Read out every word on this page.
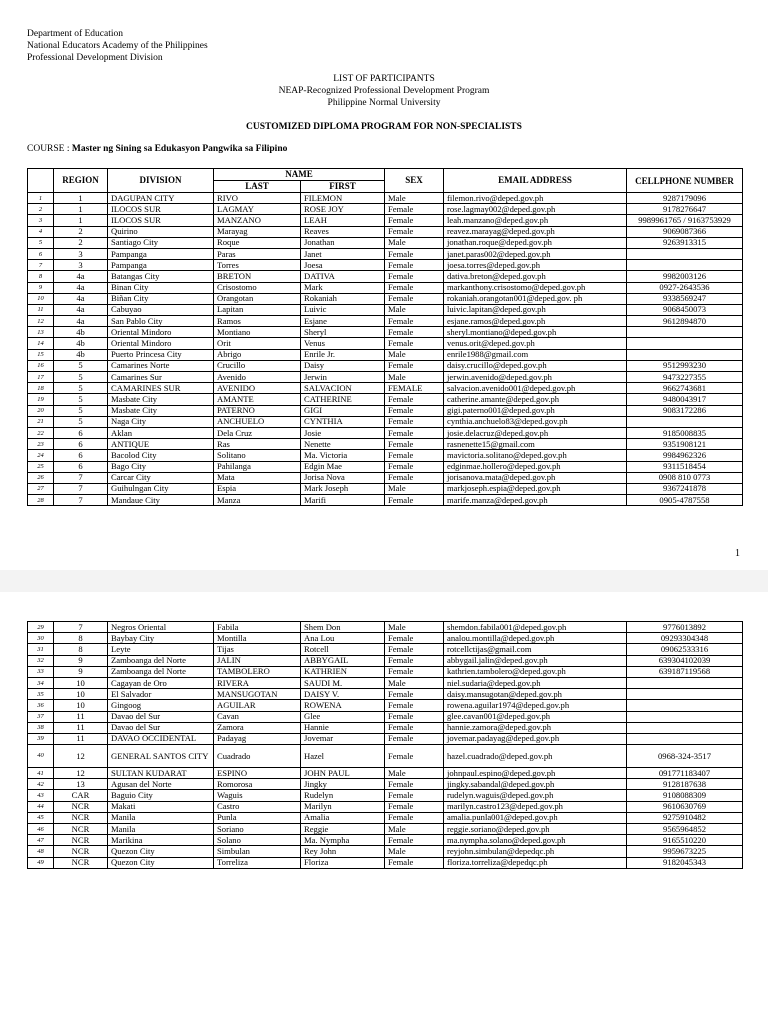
Department of Education
National Educators Academy of the Philippines
Professional Development Division
LIST OF PARTICIPANTS
NEAP-Recognized Professional Development Program
Philippine Normal University
CUSTOMIZED DIPLOMA PROGRAM FOR NON-SPECIALISTS
COURSE : Master ng Sining sa Edukasyon Pangwika sa Filipino
	REGION	DIVISION	NAME		SEX	EMAIL ADDRESS	CELLPHONE NUMBER
			LAST	FIRST			
1	1	DAGUPAN CITY	RIVO	FILEMON	Male	filemon.rivo@deped.gov.ph	9287179096
2	1	ILOCOS SUR	LAGMAY	ROSE JOY	Female	rose.lagmay002@deped.gov.ph	9178276647
3	1	ILOCOS SUR	MANZANO	LEAH	Female	leah.manzano@deped.gov.ph	9989961765 / 9163753929
4	2	Quirino	Marayag	Reaves	Female	reavez.marayag@deped.gov.ph	9069087366
5	2	Santiago City	Roque	Jonathan	Male	jonathan.roque@deped.gov.ph	9263913315
6	3	Pampanga	Paras	Janet	Female	janet.paras002@deped.gov.ph	
7	3	Pampanga	Torres	Joesa	Female	joesa.torres@deped.gov.ph	
8	4a	Batangas City	BRETON	DATIVA	Female	dativa.breton@deped.gov.ph	9982003126
9	4a	Binan City	Crisostomo	Mark	Female	markanthony.crisostomo@deped.gov.ph	0927-2643536
10	4a	Biñan City	Orangotan	Rokaniah	Female	rokaniah.orangotan001@deped.gov. ph	9338569247
11	4a	Cabuyao	Lapitan	Luivic	Male	luivic.lapitan@deped.gov.ph	9068450073
12	4a	San Pablo City	Ramos	Esjane	Female	esjane.ramos@deped.gov.ph	9612894870
13	4b	Oriental Mindoro	Montiano	Sheryl	Female	sheryl.montiano@deped.gov.ph	
14	4b	Oriental Mindoro	Orit	Venus	Female	venus.orit@deped.gov.ph	
15	4b	Puerto Princesa City	Abrigo	Enrile Jr.	Male	enrile1988@gmail.com	
16	5	Camarines Norte	Crucillo	Daisy	Female	daisy.crucillo@deped.gov.ph	9512993230
17	5	Camarines Sur	Avenido	Jerwin	Male	jerwin.avenido@deped.gov.ph	9473227355
18	5	CAMARINES SUR	AVENIDO	SALVACION	FEMALE	salvacion.avenido001@deped.gov.ph	9662743681
19	5	Masbate City	AMANTE	CATHERINE	Female	catherine.amante@deped.gov.ph	9480043917
20	5	Masbate City	PATERNO	GIGI	Female	gigi.paterno001@deped.gov.ph	9083172286
21	5	Naga City	ANCHUELO	CYNTHIA	Female	cynthia.anchuelo83@deped.gov.ph	
22	6	Aklan	Dela Cruz	Josie	Female	josie.delacruz@deped.gov.ph	9185008835
23	6	ANTIQUE	Ras	Nenette	Female	rasnenette15@gmail.com	9351908121
24	6	Bacolod City	Solitano	Ma. Victoria	Female	mavictoria.solitano@deped.gov.ph	9984962326
25	6	Bago City	Pahilanga	Edgin Mae	Female	edginmae.hollero@deped.gov.ph	9311518454
26	7	Carcar City	Mata	Jorisa Nova	Female	jorisanova.mata@deped.gov.ph	0908 810 0773
27	7	Guihulngan City	Espia	Mark Joseph	Male	markjoseph.espia@deped.gov.ph	9367241878
28	7	Mandaue City	Manza	Marifi	Female	marife.manza@deped.gov.ph	0905-4787558
1
29	7	Negros Oriental	Fabila	Shem Don	Male	shemdon.fabila001@deped.gov.ph	9776013892
30	8	Baybay City	Montilla	Ana Lou	Female	analou.montilla@deped.gov.ph	09293304348
31	8	Leyte	Tijas	Rotcell	Female	rotcellctijas@gmail.com	09062533316
32	9	Zamboanga del Norte	JALIN	ABBYGAIL	Female	abbygail.jalin@deped.gov.ph	639304102039
33	9	Zamboanga del Norte	TAMBOLERO	KATHRIEN	Female	kathrien.tambolero@deped.gov.ph	639187119568
34	10	Cagayan de Oro	RIVERA	SAUDI M.	Male	niel.sudaria@deped.gov.ph	
35	10	El Salvador	MANSUGOTAN	DAISY V.	Female	daisy.mansugotan@deped.gov.ph	
36	10	Gingoog	AGUILAR	ROWENA	Female	rowena.aguilar1974@deped.gov.ph	
37	11	Davao del Sur	Cavan	Glee	Female	glee.cavan001@deped.gov.ph	
38	11	Davao del Sur	Zamora	Hannie	Female	hannie.zamora@deped.gov.ph	
39	11	DAVAO OCCIDENTAL	Padayag	Jovemar	Female	jovemar.padayag@deped.gov.ph	
40	12	GENERAL SANTOS CITY	Cuadrado	Hazel	Female	hazel.cuadrado@deped.gov.ph	0968-324-3517
41	12	SULTAN KUDARAT	ESPINO	JOHN PAUL	Male	johnpaul.espino@deped.gov.ph	091771183407
42	13	Agusan del Norte	Romorosa	Jingky	Female	jingky.sabandal@deped.gov.ph	9128187638
43	CAR	Baguio City	Waguis	Rudelyn	Female	rudelyn.waguis@deped.gov.ph	9108088309
44	NCR	Makati	Castro	Marilyn	Female	marilyn.castro123@deped.gov.ph	9610630769
45	NCR	Manila	Punla	Amalia	Female	amalia.punla001@deped.gov.ph	9275910482
46	NCR	Manila	Soriano	Reggie	Male	reggie.soriano@deped.gov.ph	9565964852
47	NCR	Marikina	Solano	Ma. Nympha	Female	ma.nympha.solano@deped.gov.ph	9165510220
48	NCR	Quezon City	Simbulan	Rey John	Male	reyjohn.simbulan@depedqc.ph	9959673225
49	NCR	Quezon City	Torreliza	Floriza	Female	floriza.torreliza@depedqc.ph	9182045343
